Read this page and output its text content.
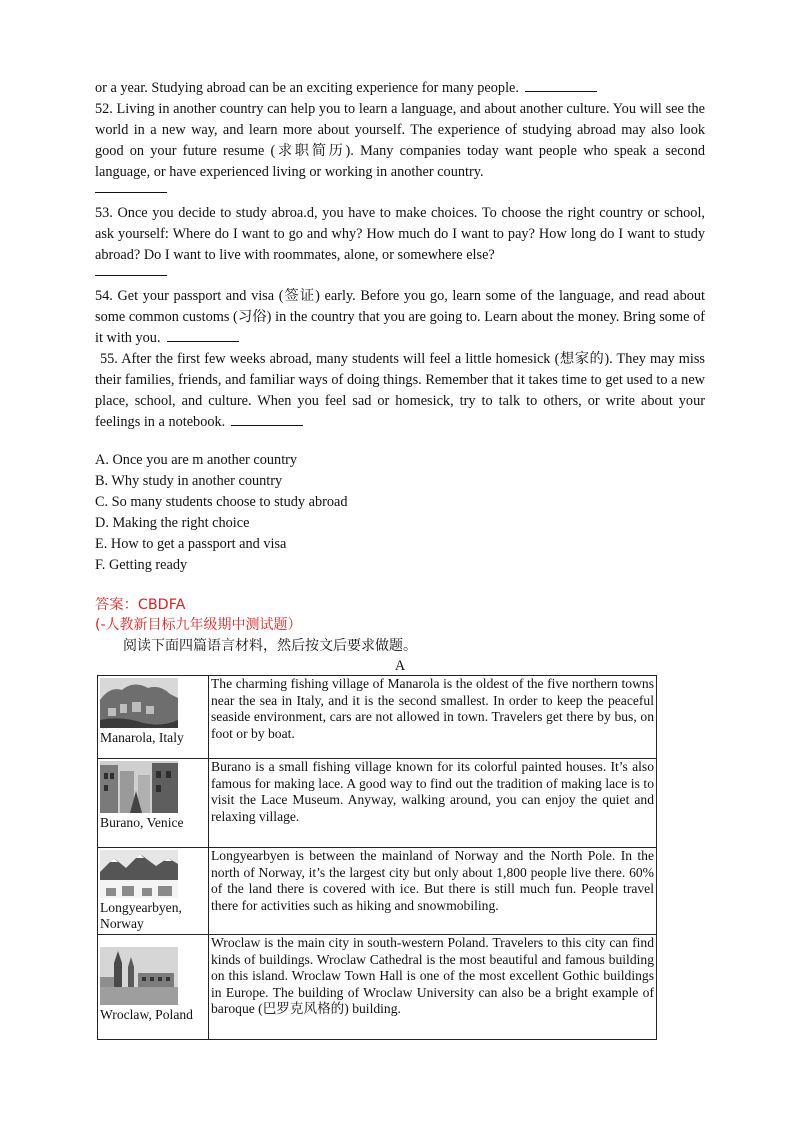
or a year. Studying abroad can be an exciting experience for many people.

52. Living in another country can help you to learn a language, and about another culture. You will see the world in a new way, and learn more about yourself. The experience of studying abroad may also look good on your future resume (求职简历). Many companies today want people who speak a second language, or have experienced living or working in another country.

53. Once you decide to study abroa.d, you have to make choices. To choose the right country or school, ask yourself: Where do I want to go and why? How much do I want to pay? How long do I want to study abroad? Do I want to live with roommates, alone, or somewhere else?

54. Get your passport and visa (签证) early. Before you go, learn some of the language, and read about some common customs (习俗) in the country that you are going to. Learn about the money. Bring some of it with you.

55. After the first few weeks abroad, many students will feel a little homesick (想家的). They may miss their families, friends, and familiar ways of doing things. Remember that it takes time to get used to a new place, school, and culture. When you feel sad or homesick, try to talk to others, or write about your feelings in a notebook.

A. Once you are m another country
B. Why study in another country
C. So many students choose to study abroad
D. Making the right choice
E. How to get a passport and visa
F. Getting ready
答案：CBDFA
(-人教新目标九年级期中测试题）
阅读下面四篇语言材料，然后按文后要求做题。
A
Manarola, Italy	The charming fishing village of Manarola is the oldest of the five northern towns near the sea in Italy, and it is the second smallest. In order to keep the peaceful seaside environment, cars are not allowed in town. Travelers get there by bus, on foot or by boat.

Burano, Venice	Burano is a small fishing village known for its colorful painted houses. It’s also famous for making lace. A good way to find out the tradition of making lace is to visit the Lace Museum. Anyway, walking around, you can enjoy the quiet and relaxing village.

Longyearbyen, Norway	Longyearbyen is between the mainland of Norway and the North Pole. In the north of Norway, it’s the largest city but only about 1,800 people live there. 60% of the land there is covered with ice. But there is still much fun. People travel there for activities such as hiking and snowmobiling.

Wroclaw, Poland	Wroclaw is the main city in south-western Poland. Travelers to this city can find kinds of buildings. Wroclaw Cathedral is the most beautiful and famous building on this island. Wroclaw Town Hall is one of the most excellent Gothic buildings in Europe. The building of Wroclaw University can also be a bright example of baroque (巴罗克风格的) building.
